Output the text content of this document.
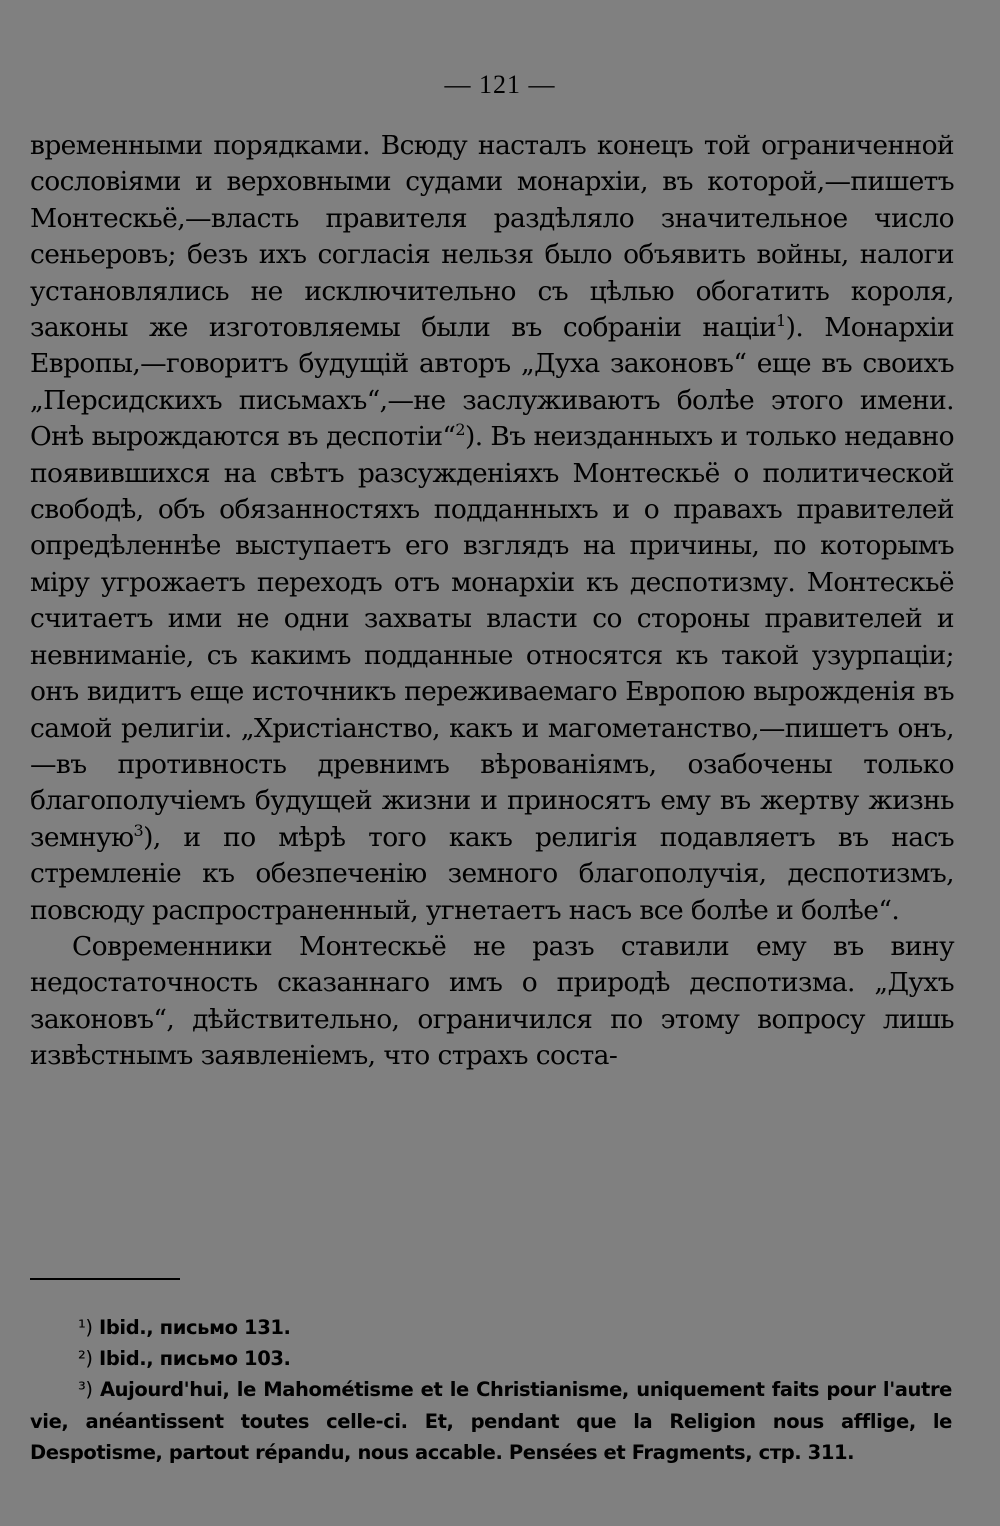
— 121 —

временными порядками. Всюду насталъ конецъ той ограниченной сословіями и верховными судами монархіи, въ которой,—пишетъ Монтескьё,—власть правителя раздѣляло значительное число сеньеровъ; безъ ихъ согласія нельзя было объявить войны, налоги установлялись не исключительно съ цѣлью обогатить короля, законы же изготовляемы были въ собраніи націи$^1$). Монархіи Европы,—говоритъ будущій авторъ „Духа законовъ“ еще въ своихъ „Персидскихъ письмахъ“,—не заслуживаютъ болѣе этого имени. Онѣ вырождаются въ деспотіи“$^2$). Въ неизданныхъ и только недавно появившихся на свѣтъ разсужденіяхъ Монтескьё о политической свободѣ, объ обязанностяхъ подданныхъ и о правахъ правителей опредѣленнѣе выступаетъ его взглядъ на причины, по которымъ міру угрожаетъ переходъ отъ монархіи къ деспотизму. Монтескьё считаетъ ими не одни захваты власти со стороны правителей и невниманіе, съ какимъ подданные относятся къ такой узурпаціи; онъ видитъ еще источникъ переживаемаго Европою вырожденія въ самой религіи. „Христіанство, какъ и магометанство,—пишетъ онъ,—въ противность древнимъ вѣрованіямъ, озабочены только благополучіемъ будущей жизни и приносятъ ему въ жертву жизнь земную$^3$), и по мѣрѣ того какъ религія подавляетъ въ насъ стремленіе къ обезпеченію земного благополучія, деспотизмъ, повсюду распространенный, угнетаетъ насъ все болѣе и болѣе“.

Современники Монтескьё не разъ ставили ему въ вину недостаточность сказаннаго имъ о природѣ деспотизма. „Духъ законовъ“, дѣйствительно, ограничился по этому вопросу лишь извѣстнымъ заявленіемъ, что страхъ соста-

¹) Ibid., письмо 131.

²) Ibid., письмо 103.

³) Aujourd'hui, le Mahométisme et le Christianisme, uniquement faits pour l'autre vie, anéantissent toutes celle-ci. Et, pendant que la Religion nous afflige, le Despotisme, partout répandu, nous accable. Pensées et Fragments, стр. 311.
